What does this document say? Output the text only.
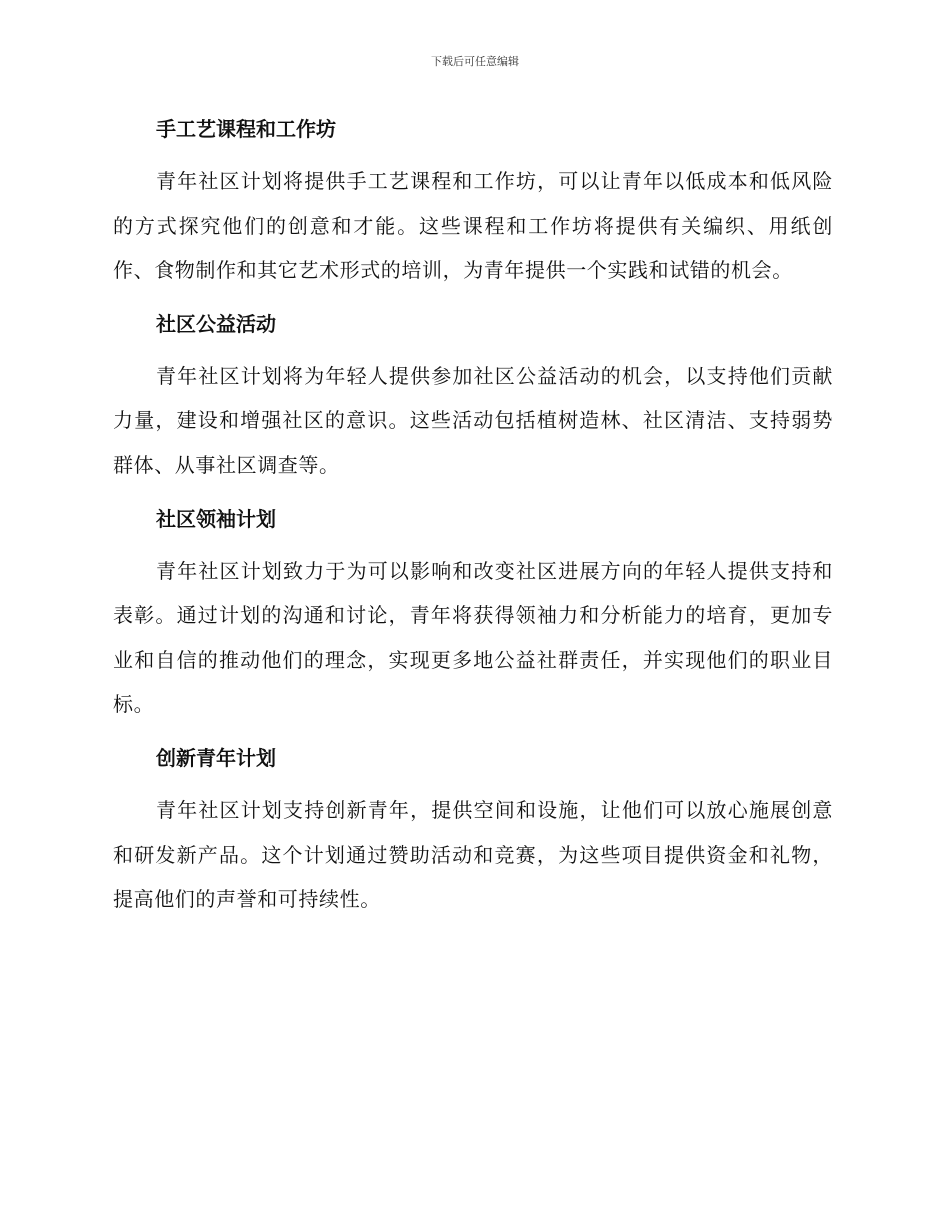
下载后可任意编辑
手工艺课程和工作坊

青年社区计划将提供手工艺课程和工作坊，可以让青年以低成本和低风险的方式探究他们的创意和才能。这些课程和工作坊将提供有关编织、用纸创作、食物制作和其它艺术形式的培训，为青年提供一个实践和试错的机会。

社区公益活动

青年社区计划将为年轻人提供参加社区公益活动的机会，以支持他们贡献力量，建设和增强社区的意识。这些活动包括植树造林、社区清洁、支持弱势群体、从事社区调查等。

社区领袖计划

青年社区计划致力于为可以影响和改变社区进展方向的年轻人提供支持和表彰。通过计划的沟通和讨论，青年将获得领袖力和分析能力的培育，更加专业和自信的推动他们的理念，实现更多地公益社群责任，并实现他们的职业目标。

创新青年计划

青年社区计划支持创新青年，提供空间和设施，让他们可以放心施展创意和研发新产品。这个计划通过赞助活动和竞赛，为这些项目提供资金和礼物，提高他们的声誉和可持续性。
